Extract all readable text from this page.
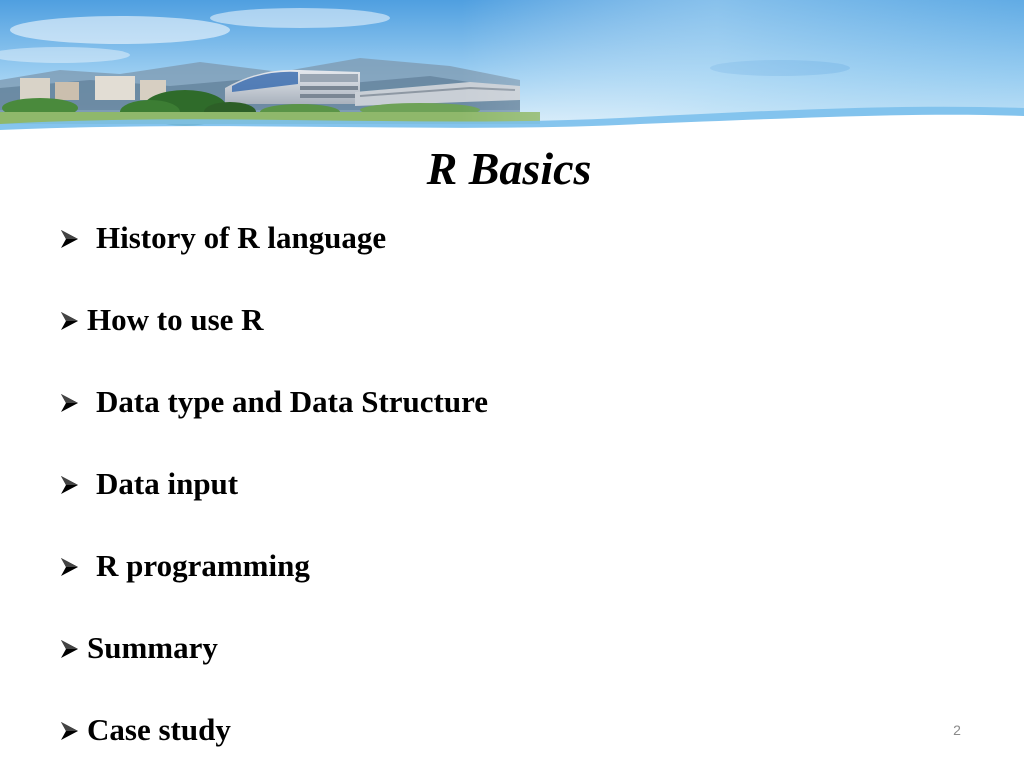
R Basics
History of R language
How to use R
Data type and Data Structure
Data input
R programming
Summary
Case study	2
